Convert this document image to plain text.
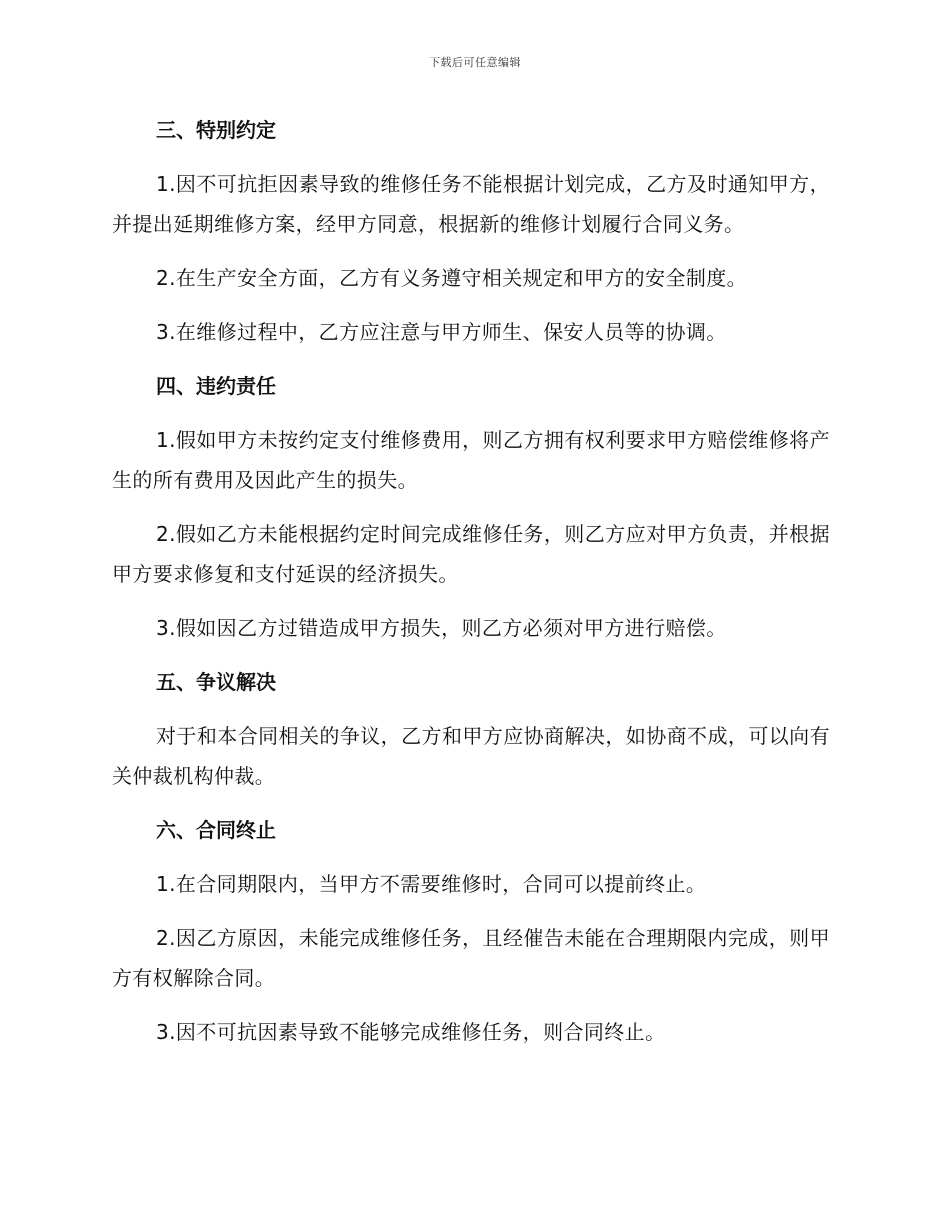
下载后可任意编辑
三、特别约定

1.因不可抗拒因素导致的维修任务不能根据计划完成，乙方及时通知甲方，并提出延期维修方案，经甲方同意，根据新的维修计划履行合同义务。

2.在生产安全方面，乙方有义务遵守相关规定和甲方的安全制度。

3.在维修过程中，乙方应注意与甲方师生、保安人员等的协调。

四、违约责任

1.假如甲方未按约定支付维修费用，则乙方拥有权利要求甲方赔偿维修将产生的所有费用及因此产生的损失。

2.假如乙方未能根据约定时间完成维修任务，则乙方应对甲方负责，并根据甲方要求修复和支付延误的经济损失。

3.假如因乙方过错造成甲方损失，则乙方必须对甲方进行赔偿。

五、争议解决

对于和本合同相关的争议，乙方和甲方应协商解决，如协商不成，可以向有关仲裁机构仲裁。

六、合同终止

1.在合同期限内，当甲方不需要维修时，合同可以提前终止。

2.因乙方原因，未能完成维修任务，且经催告未能在合理期限内完成，则甲方有权解除合同。

3.因不可抗因素导致不能够完成维修任务，则合同终止。
